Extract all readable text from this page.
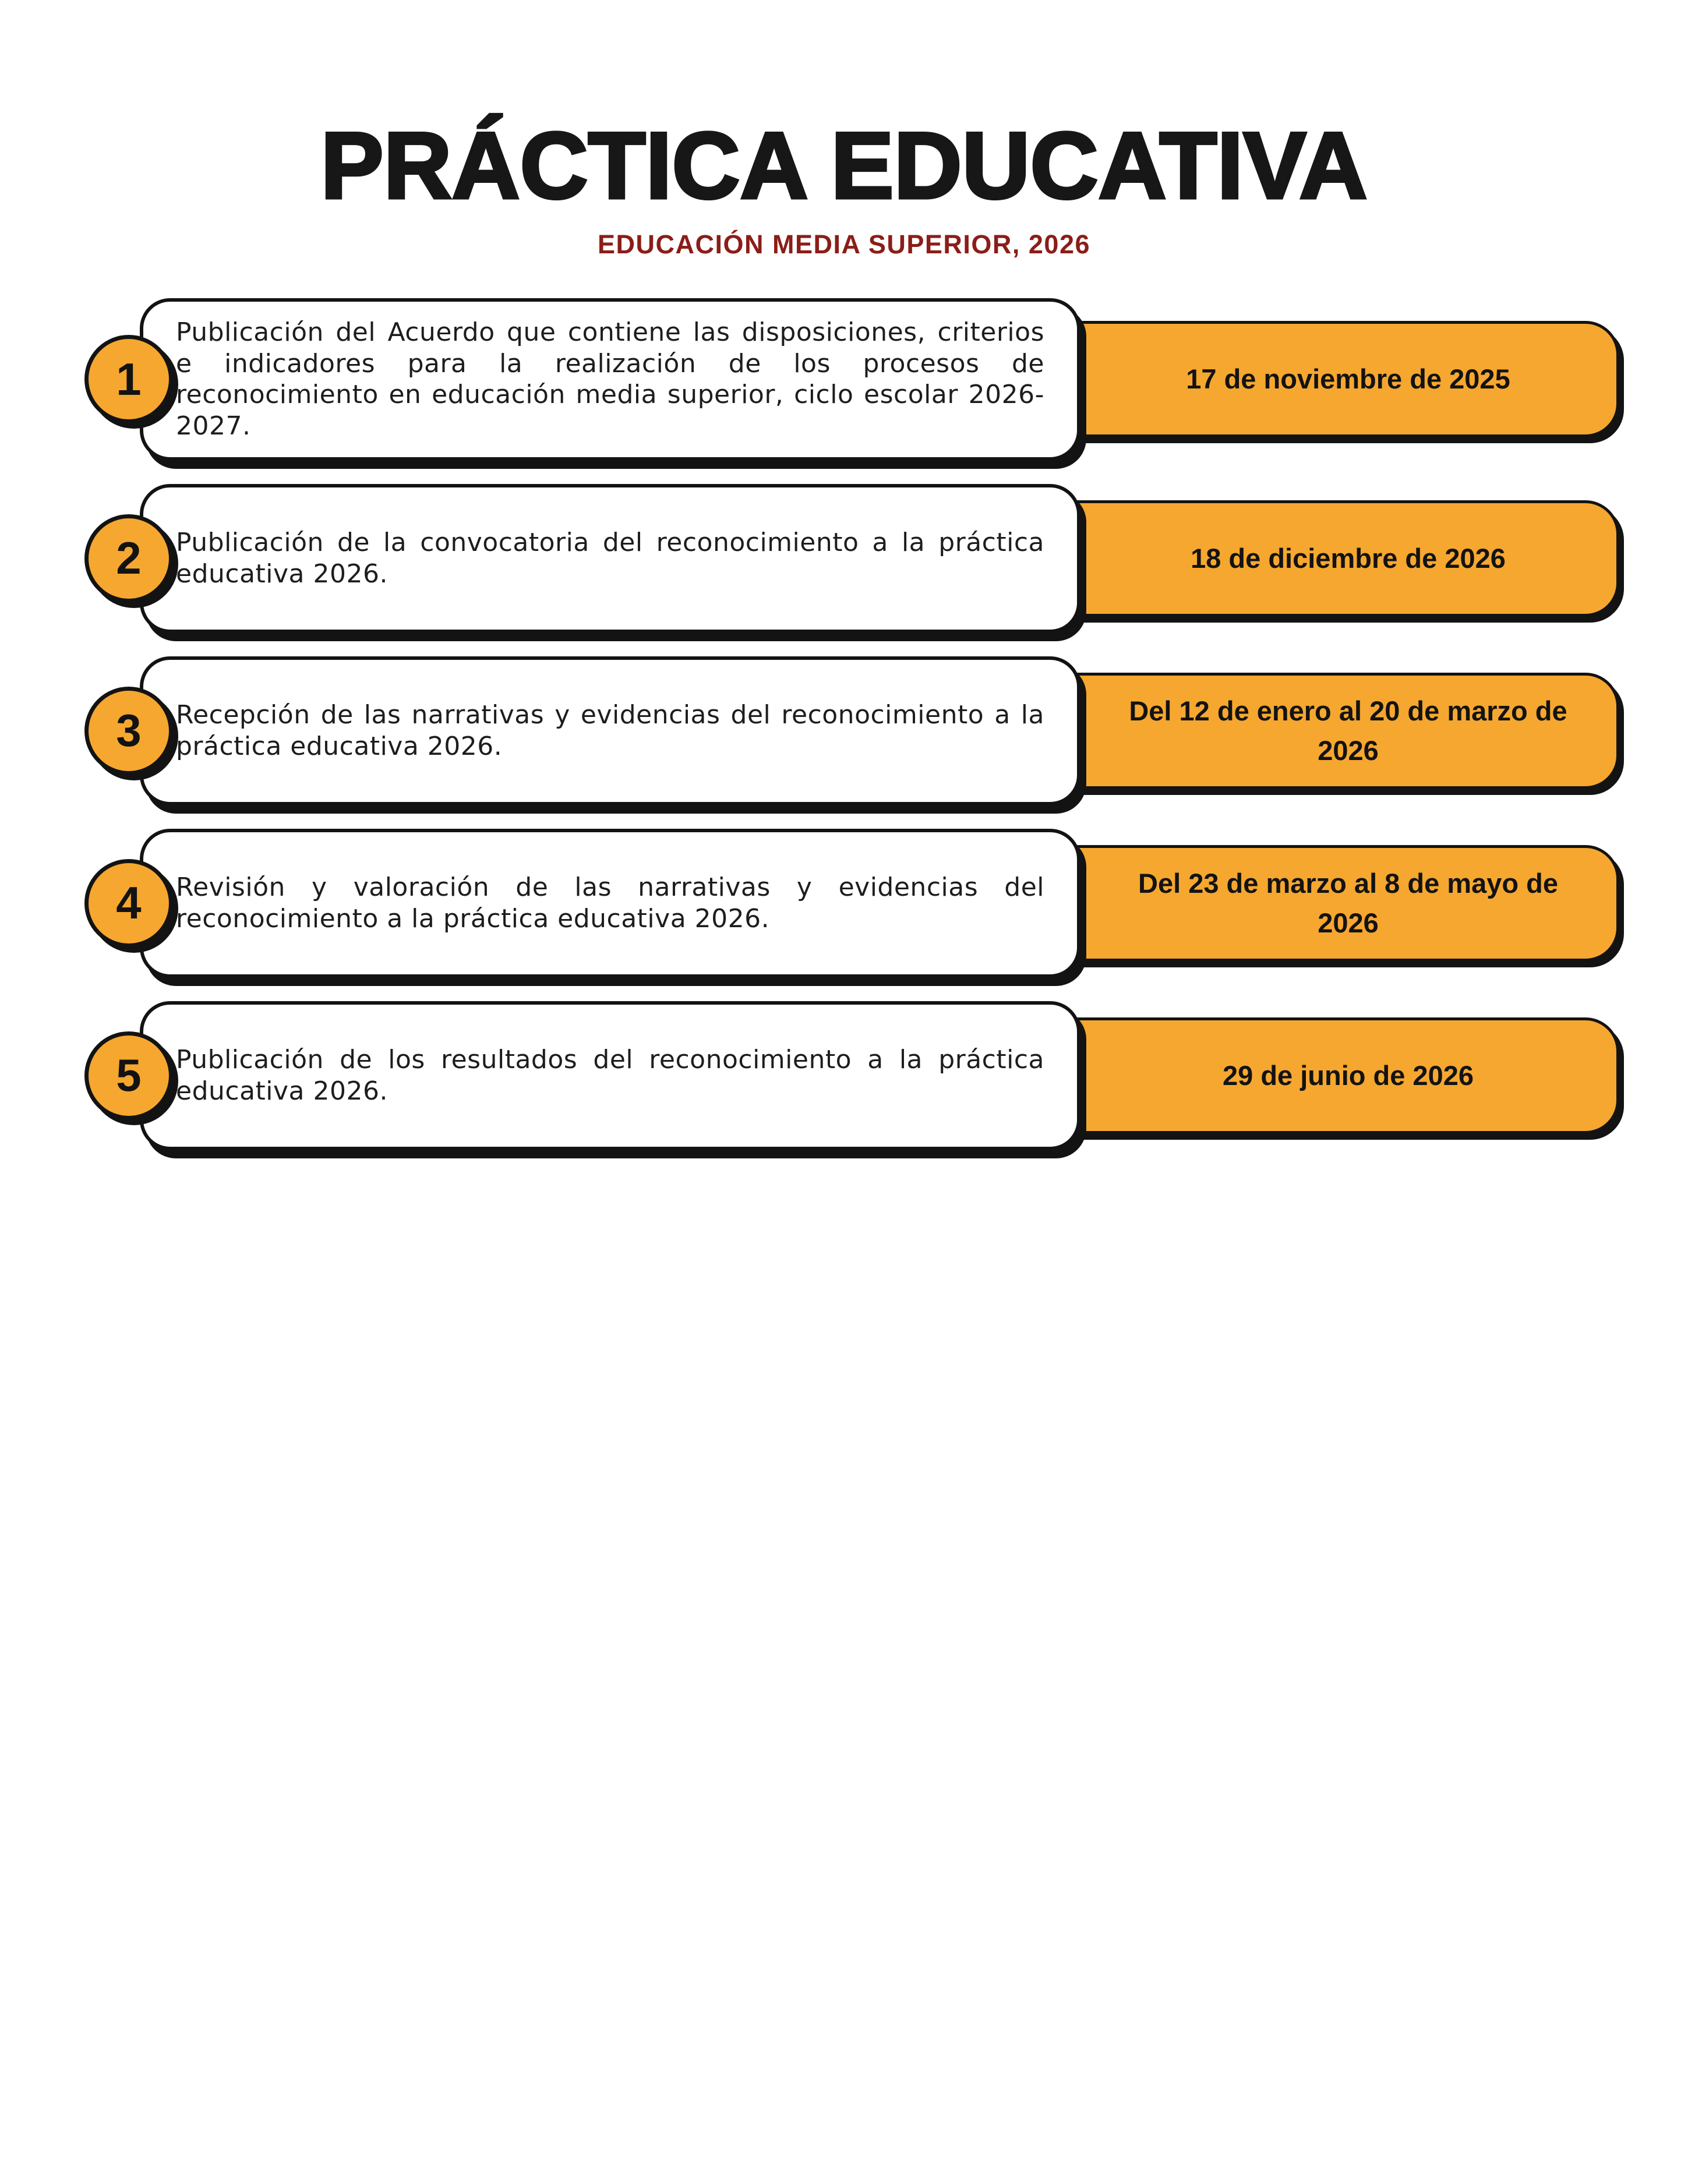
PRÁCTICA EDUCATIVA
EDUCACIÓN MEDIA SUPERIOR, 2026
1

Publicación del Acuerdo que contiene las disposiciones, criterios e indicadores para la realización de los procesos de reconocimiento en educación media superior, ciclo escolar 2026-2027.

17 de noviembre de 2025
2 Publicación de la convocatoria del reconocimiento a la práctica educativa 2026.

18 de diciembre de 2026
3 Recepción de las narrativas y evidencias del reconocimiento a la práctica educativa 2026.

Del 12 de enero al 20 de marzo de 2026
4 Revisión y valoración de las narrativas y evidencias del reconocimiento a la práctica educativa 2026.

Del 23 de marzo al 8 de mayo de 2026
5 Publicación de los resultados del reconocimiento a la práctica educativa 2026.

29 de junio de 2026
